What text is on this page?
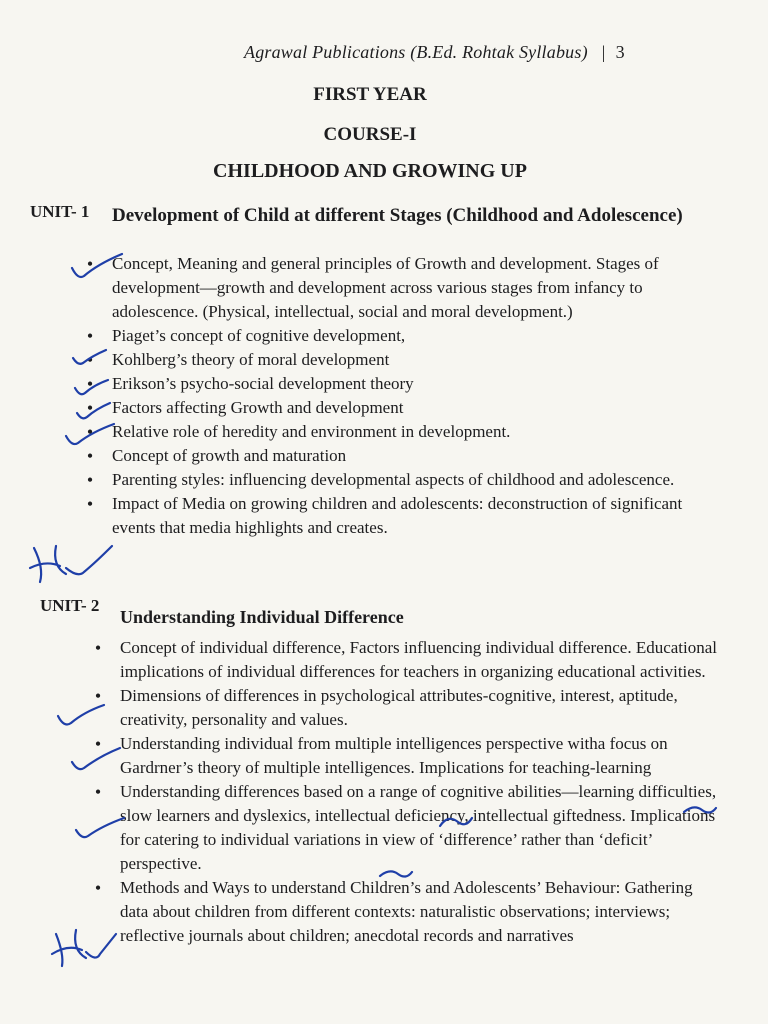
Agrawal Publications (B.Ed. Rohtak Syllabus) | 3
FIRST YEAR
COURSE-I
CHILDHOOD AND GROWING UP
UNIT- 1 Development of Child at different Stages (Childhood and Adolescence)
•	Concept, Meaning and general principles of Growth and development. Stages of development—growth and development across various stages from infancy to adolescence. (Physical, intellectual, social and moral development.)
•	Piaget’s concept of cognitive development,
•	Kohlberg’s theory of moral development
•	Erikson’s psycho-social development theory
•	Factors affecting Growth and development
•	Relative role of heredity and environment in development.
•	Concept of growth and maturation
•	Parenting styles: influencing developmental aspects of childhood and adolescence.
•	Impact of Media on growing children and adolescents: deconstruction of significant events that media highlights and creates.
UNIT- 2
Understanding Individual Difference
•	Concept of individual difference, Factors influencing individual difference. Educational implications of individual differences for teachers in organizing educational activities.
•	Dimensions of differences in psychological attributes-cognitive, interest, aptitude, creativity, personality and values.
•	Understanding individual from multiple intelligences perspective witha focus on Gardrner’s theory of multiple intelligences. Implications for teaching-learning
•	Understanding differences based on a range of cognitive abilities—learning difficulties, slow learners and dyslexics, intellectual deficiency, intellectual giftedness. Implications for catering to individual variations in view of ‘difference’ rather than ‘deficit’ perspective.
•	Methods and Ways to understand Children’s and Adolescents’ Behaviour: Gathering data about children from different contexts: naturalistic observations; interviews; reflective journals about children; anecdotal records and narratives
